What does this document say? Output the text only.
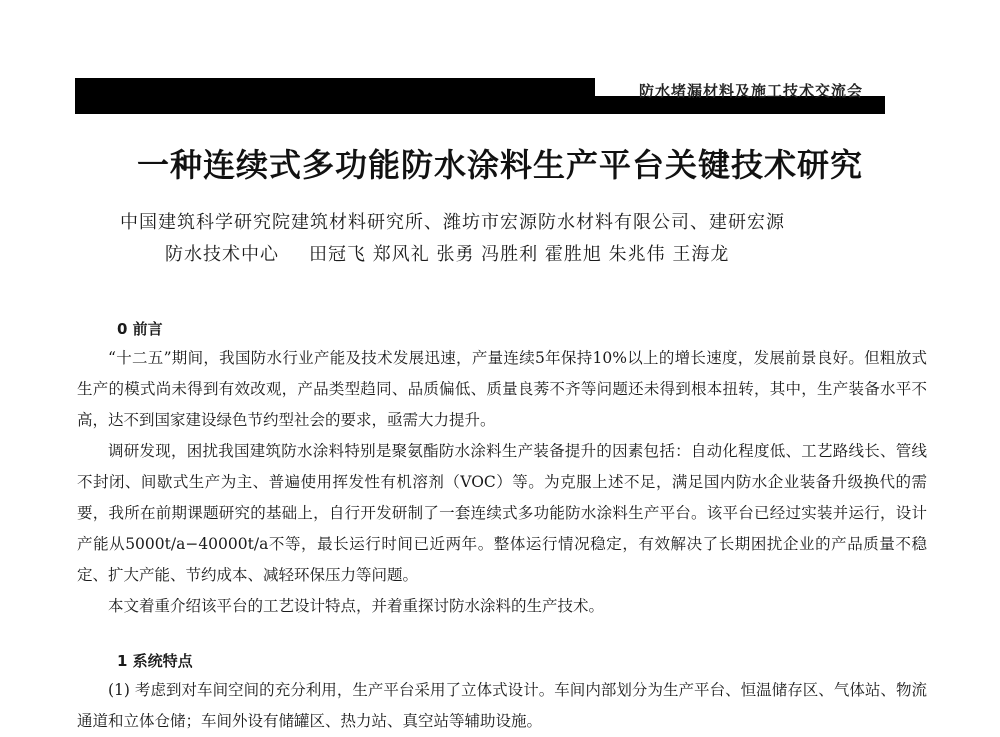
防水堵漏材料及施工技术交流会
一种连续式多功能防水涂料生产平台关键技术研究
中国建筑科学研究院建筑材料研究所、潍坊市宏源防水材料有限公司、建研宏源
防水技术中心 田冠飞 郑风礼 张勇 冯胜利 霍胜旭 朱兆伟 王海龙
0 前言
“十二五”期间，我国防水行业产能及技术发展迅速，产量连续5年保持10%以上的增长速度，发展前景良好。但粗放式生产的模式尚未得到有效改观，产品类型趋同、品质偏低、质量良莠不齐等问题还未得到根本扭转，其中，生产装备水平不高，达不到国家建设绿色节约型社会的要求，亟需大力提升。
调研发现，困扰我国建筑防水涂料特别是聚氨酯防水涂料生产装备提升的因素包括：自动化程度低、工艺路线长、管线不封闭、间歇式生产为主、普遍使用挥发性有机溶剂（VOC）等。为克服上述不足，满足国内防水企业装备升级换代的需要，我所在前期课题研究的基础上，自行开发研制了一套连续式多功能防水涂料生产平台。该平台已经过实装并运行，设计产能从5000t/a−40000t/a不等，最长运行时间已近两年。整体运行情况稳定，有效解决了长期困扰企业的产品质量不稳定、扩大产能、节约成本、减轻环保压力等问题。
本文着重介绍该平台的工艺设计特点，并着重探讨防水涂料的生产技术。
1 系统特点
(1) 考虑到对车间空间的充分利用，生产平台采用了立体式设计。车间内部划分为生产平台、恒温储存区、气体站、物流通道和立体仓储；车间外设有储罐区、热力站、真空站等辅助设施。
